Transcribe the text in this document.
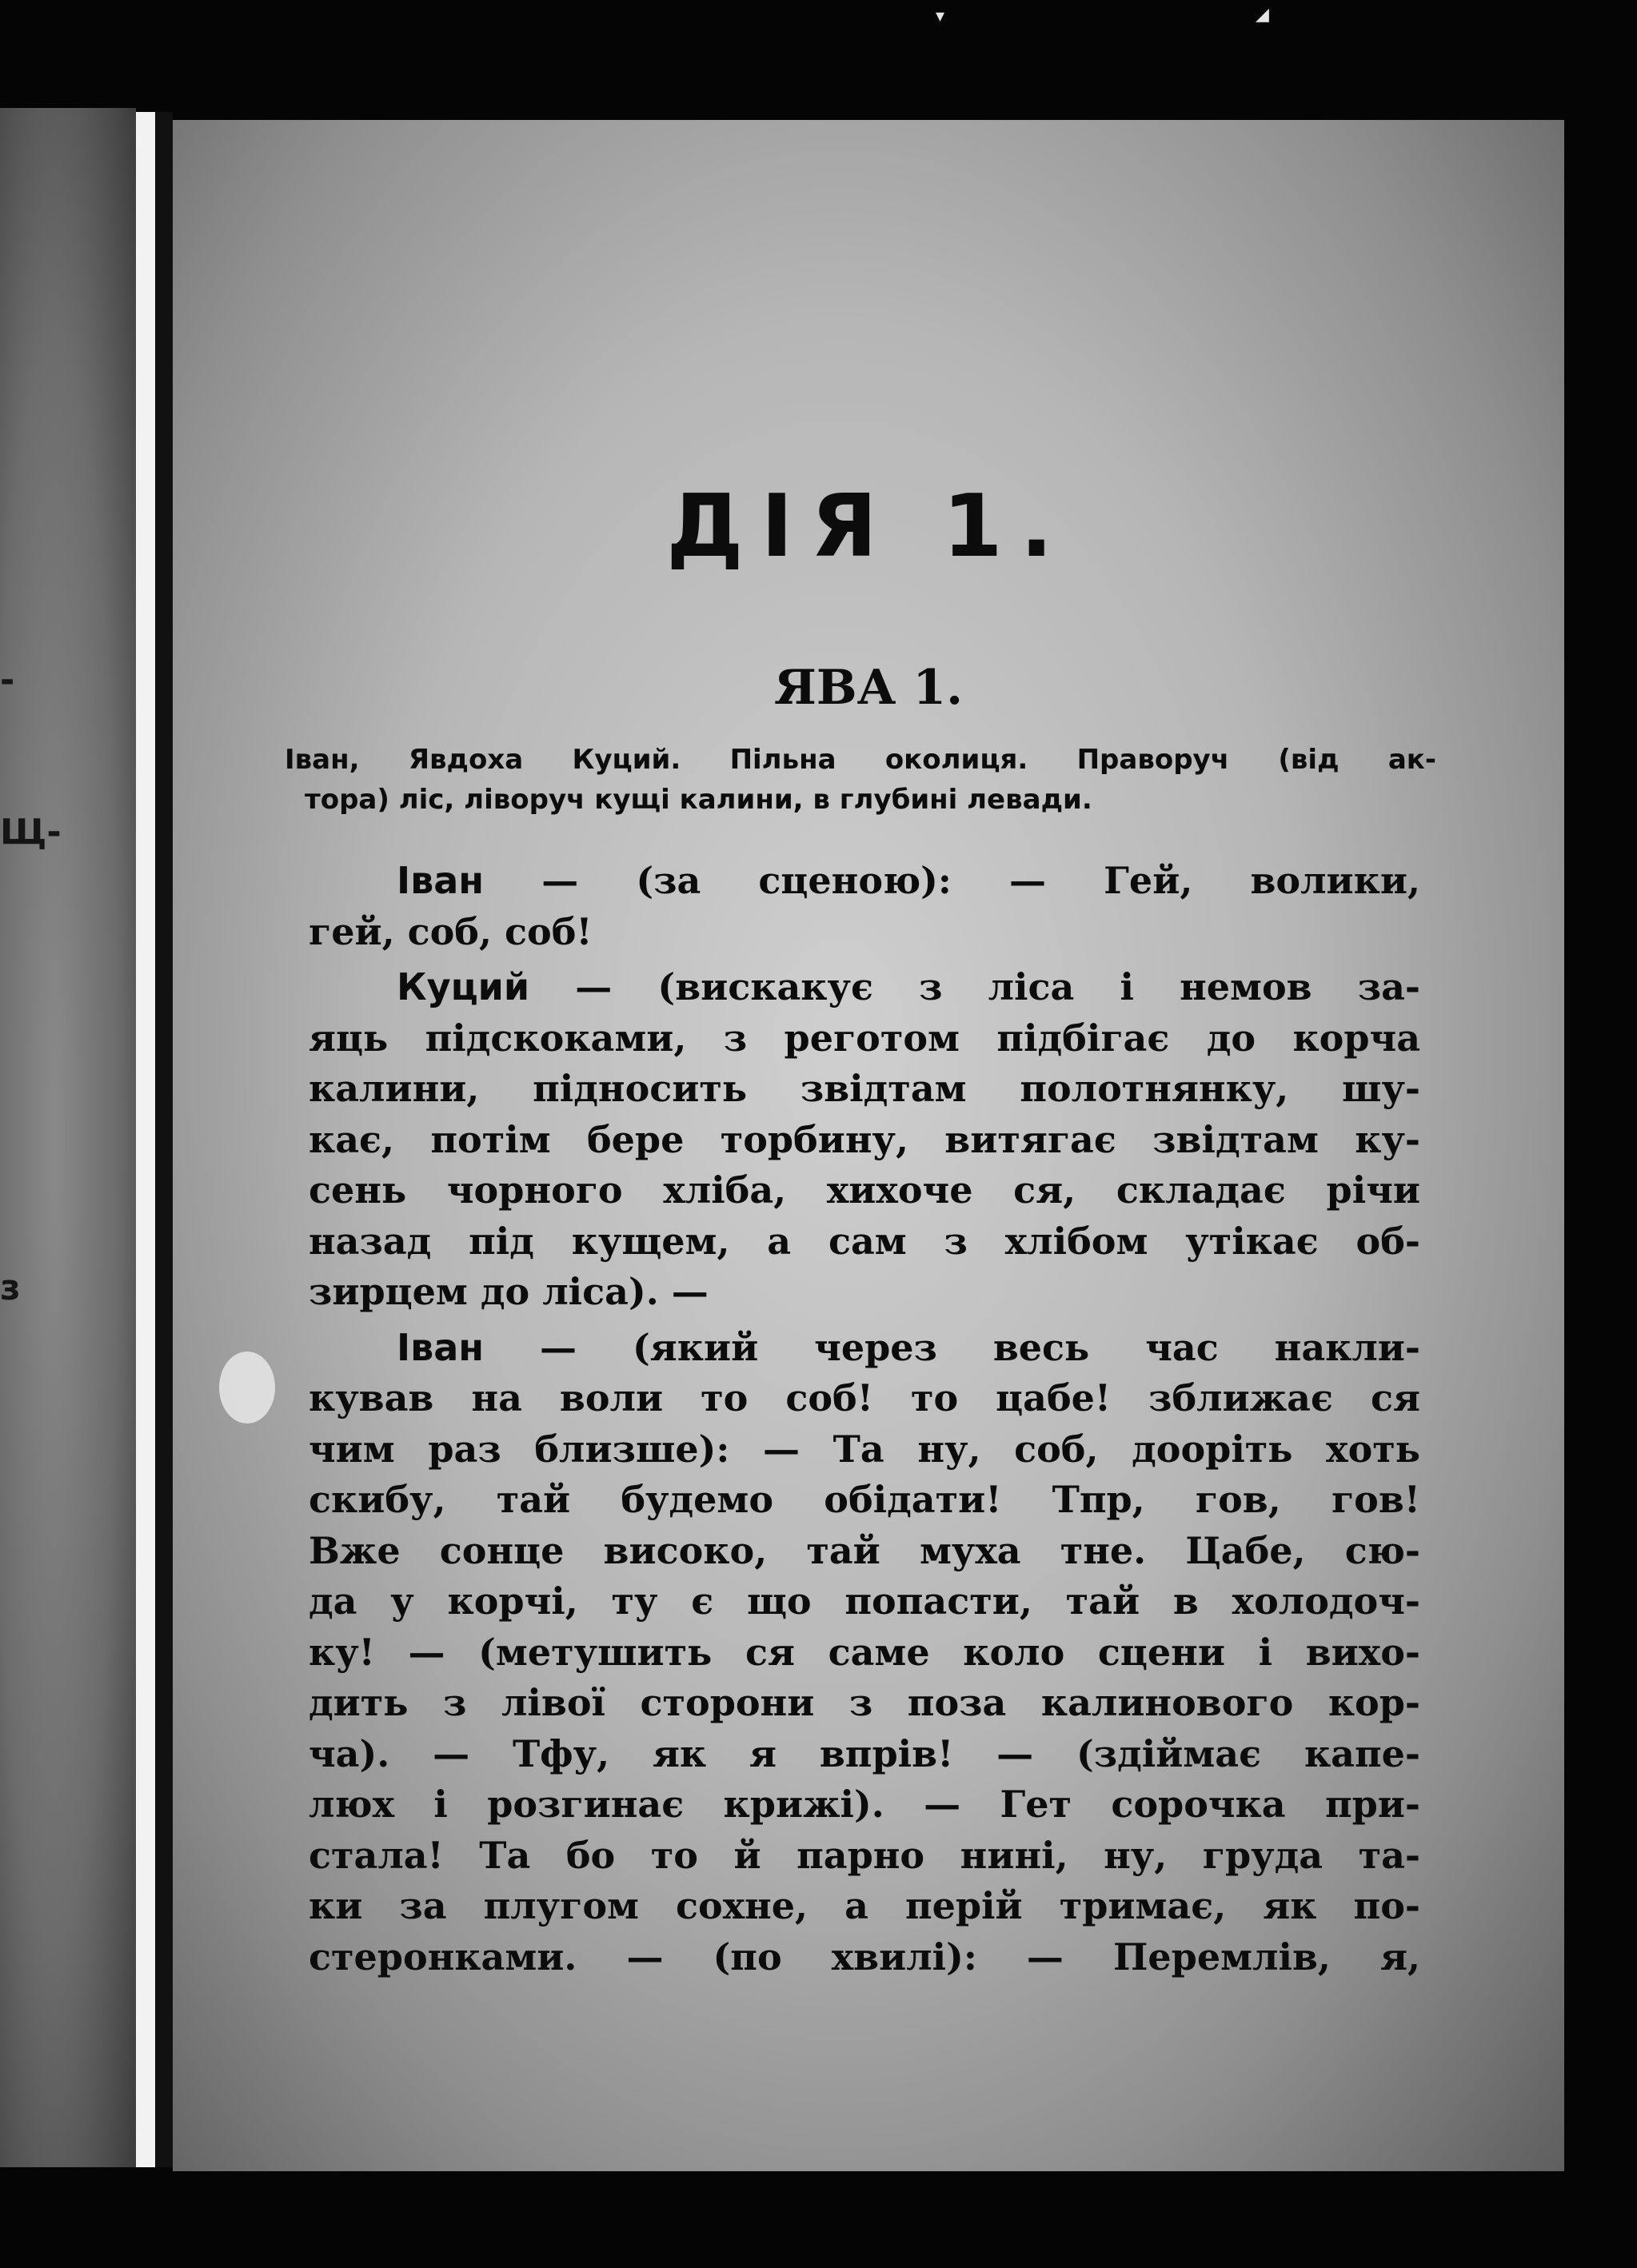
▾	◢
-
Щ-
з
ДІЯ 1.
ЯВА 1.
Іван, Явдоха Куций. Пільна околиця. Праворуч (від ак-
тора) ліс, ліворуч кущі калини, в глубині левади.
Іван — (за сценою): — Гей, волики,
гей, соб, соб!
Куций — (вискакує з ліса і немов за-
яць підскоками, з реготом підбігає до корча
калини, підносить звідтам полотнянку, шу-
кає, потім бере торбину, витягає звідтам ку-
сень чорного хліба, хихоче ся, складає річи
назад під кущем, а сам з хлібом утікає об-
зирцем до ліса). —
Іван — (який через весь час накли-
кував на воли то соб! то цабе! зближає ся
чим раз близше): — Та ну, соб, дооріть хоть
скибу, тай будемо обідати! Тпр, гов, гов!
Вже сонце високо, тай муха тне. Цабе, сю-
да у корчі, ту є що попасти, тай в холодоч-
ку! — (метушить ся саме коло сцени і вихо-
дить з лівої сторони з поза калинового кор-
ча). — Тфу, як я впрів! — (здіймає капе-
люх і розгинає крижі). — Гет сорочка при-
стала! Та бо то й парно нині, ну, груда та-
ки за плугом сохне, а перій тримає, як по-
стеронками. — (по хвилі): — Перемлів, я,
